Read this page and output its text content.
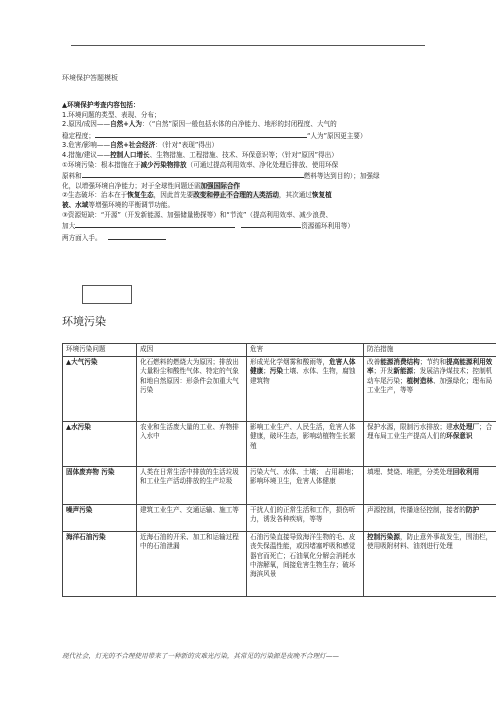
环境保护答题模板
▲环境保护考查内容包括：
1.环境问题的类型、表现、分布；
2.原因/成因——自然+人为：（“自然”原因一般包括水体的自净能力、地形的封闭程度、大气的
稳定程度；	“人为”原因更主要）
3.危害/影响——自然+社会经济：（针对“表现”得出）
4.措施/建议——控制人口增长、生物措施、工程措施、技术、环保意识等；（针对“原因”得出）
①环境污染：根本措施在于减少污染物排放（可通过提高利用效率、净化处理后排放、使用环保
原料和	燃料等达到目的）；加强绿
化，以增强环境自净能力；对于全球性问题还需加强国际合作
②生态破坏：治本在于恢复生态，因此首先要改变和停止不合理的人类活动，其次通过恢复植
被、水域等增强环境的平衡调节功能。
③资源短缺：“开源”（开发新能源、加强储量勘探等）和“节流”（提高利用效率、减少浪费、
加大	资源循环利用等）
两方面入手。
环境污染
环境污染问题	成因	危害	防治措施
▲大气污染	化石燃料的燃烧大为原因；排放出大量粉尘和酸性气体、特定的气象和地自然原因：形条件会加重大气污染	形成光化学烟雾和酸雨等，危害人体健康；污染土壤、水体、生物，腐蚀建筑物	改善能源消费结构；节约和提高能源利用效率；开发新能源；发展洁净煤技术；控制机动车尾污染；植树造林、加强绿化；理布局工业生产，等等
▲水污染	农业和生活废大量的工业、弃物排入水中	影响工业生产、人民生活，危害人体健康，破坏生态，影响动植物生长繁殖	保护水源，限制污水排放；建水处理厂；合理布局工业生产提高人们的环保意识
固体废弃物 污染	人类在日常生活中排放的生活垃圾和工业生产活动排放的生产垃圾	污染大气、水体、土壤； 占用耕地； 影响环境卫生，危害人体健康	填埋、焚烧、堆肥，分类处理回收利用
噪声污染	建筑工业生产、交通运输、施工等	干扰人们的正常生活和工作，损伤听力，诱发各种疾病，等等	声源控制，传播途径控制，接者的防护
海洋石油污染	近海石油的开采、加工和运输过程中的石油泄漏	石油污染直接导致海洋生物的毛、皮丧失保温性能，或因堵塞呼吸和感觉器官而死亡；石油氧化分解会消耗水中溶解氧，间接危害生物生存；破坏海滨风景	控制污染源，防止意外事故发生，围油栏，使用吸附材料、油剂进行处理
现代社会，灯光的不合理使用带来了一种新的灾难光污染，其常见的污染源是夜晚不合理灯——
